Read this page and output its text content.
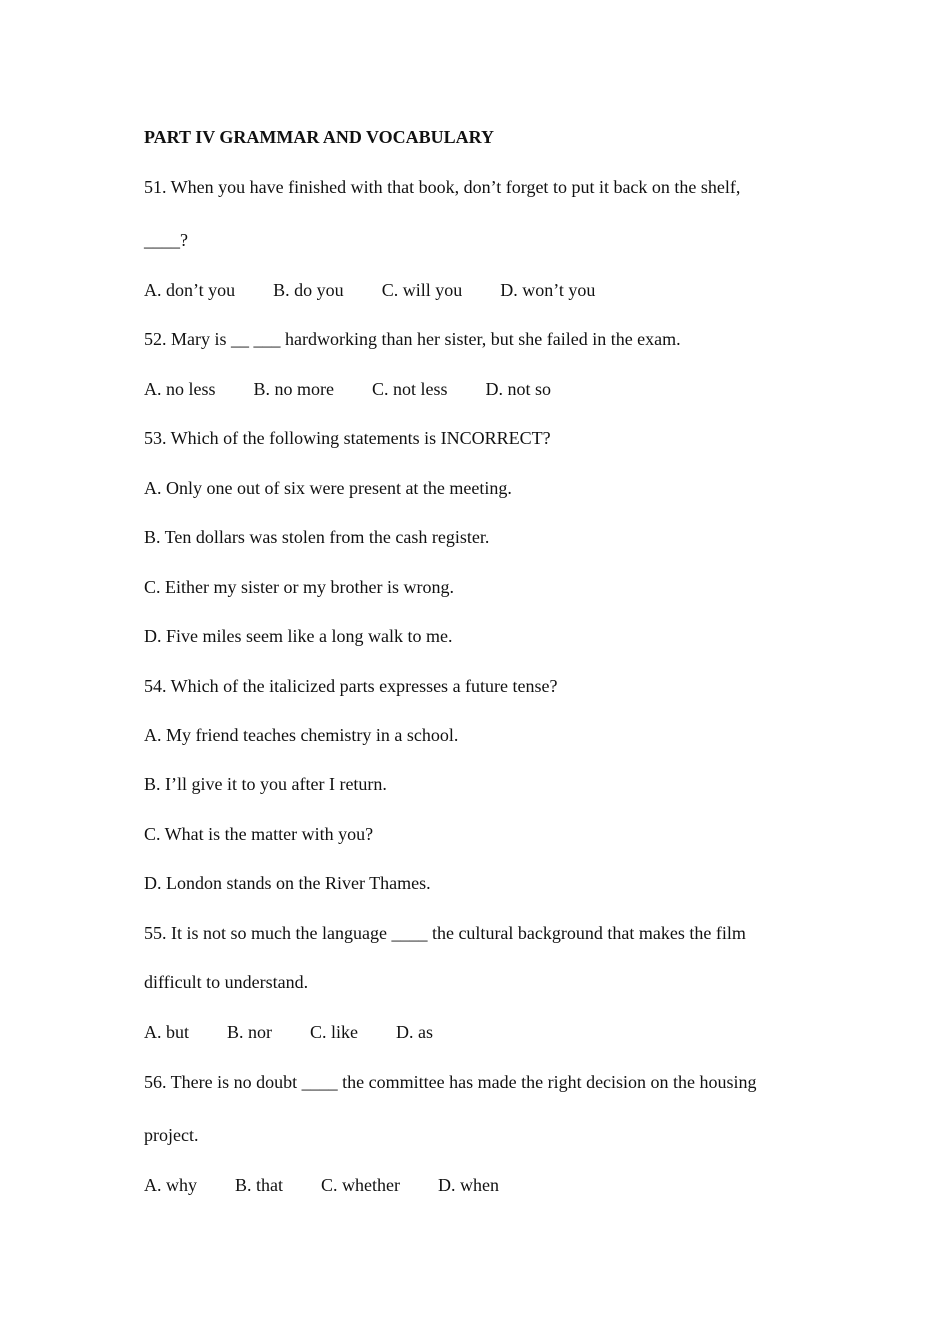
PART IV GRAMMAR AND VOCABULARY
51. When you have finished with that book, don’t forget to put it back on the shelf,
____?
A. don’t you B. do you C. will you D. won’t you
52. Mary is __ ___ hardworking than her sister, but she failed in the exam.
A. no less B. no more C. not less D. not so
53. Which of the following statements is INCORRECT?
A. Only one out of six were present at the meeting.
B. Ten dollars was stolen from the cash register.
C. Either my sister or my brother is wrong.
D. Five miles seem like a long walk to me.
54. Which of the italicized parts expresses a future tense?
A. My friend teaches chemistry in a school.
B. I’ll give it to you after I return.
C. What is the matter with you?
D. London stands on the River Thames.
55. It is not so much the language ____ the cultural background that makes the film
difficult to understand.
A. but B. nor C. like D. as
56. There is no doubt ____ the committee has made the right decision on the housing
project.
A. why B. that C. whether D. when
